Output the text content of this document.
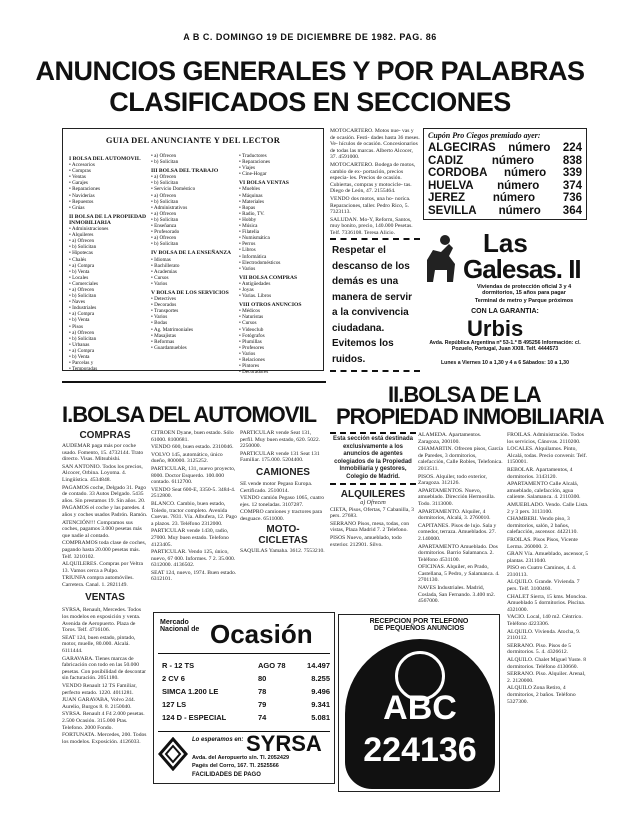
A B C. DOMINGO 19 DE DICIEMBRE DE 1982. PAG. 86
ANUNCIOS GENERALES Y POR PALABRAS
CLASIFICADOS EN SECCIONES
GUIA DEL ANUNCIANTE Y DEL LECTOR
I BOLSA DEL AUTOMOVIL
• Accesorios
• Compras
• Ventas
• Garajes
• Reparaciones
• Naviderías
• Repuestos
• Grúas
II BOLSA DE LA PROPIEDAD INMOBILIARIA
• Administraciones
• Alquileres
• a) Ofrecen
• b) Solicitan
• Hipotecas
• Chalés
• a) Compra
• b) Venta
• Locales
• Comerciales
• a) Ofrecen
• b) Solicitan
• Naves
• Industriales
• a) Compra
• b) Venta
• Pisos
• a) Ofrecen
• b) Solicitan
• Urbanas
• a) Compra
• b) Venta
• Parcelas y
• Temporadas
• a) Ofrecen
• b) Solicitan
III BOLSA DEL TRABAJO
• a) Ofrecen
• b) Solicitan
• Servicio Doméstico
• a) Ofrecen
• b) Solicitan
• Administrativos
• a) Ofrecen
• b) Solicitan
• Enseñanza
• Profesorado
• a) Ofrecen
• b) Solicitan
IV BOLSA DE LA ENSEÑANZA
• Idiomas
• Bachillerato
• Academias
• Cursos
• Varios
V BOLSA DE LOS SERVICIOS
• Detectives
• Decorados
• Transportes
• Varios
• Bodas
• Ag. Matrimoniales
• Masajistas
• Reformas
• Guardamuebles
• Traductores
• Reparaciones
• Viajes
• Cine-Hogar
VI BOLSA VENTAS
• Muebles
• Máquinas
• Materiales
• Ropas
• Radio, TV.
• Hobby
• Música
• Filatelia
• Numismática
• Perros
• Libros
• Informática
• Electrodomésticos
• Varios
VII BOLSA COMPRAS
• Antigüedades
• Joyas
• Varias. Libros
VIII OTROS ANUNCIOS
• Médicos
• Naturistas
• Cursos
• Videoclub
• Fotógrafos
• Plumillas
• Profesores
• Varios
• Relaciones
• Pintores
• Decoradores

MOTOCARTERO. Motos nue- vas y de ocasión. Festi- dades hasta 36 meses. Ve- hículos de ocasión. Concesionarios de todas las marcas. Alberto Alcocer, 37. 4591000.

MOTOCARTERO. Bodega de motos, cambio de ex- portación, precios especia- les. Precios de ocasión. Cubiertas, compras y motocicle- tas. Diego de León, 47. 2155464.

VENDO dos motos, una ho- noríca. Reparaciones, taller. Pedro Rico, 5. 7323113.

SALUDAN. Mo-Y, Reform, Santos, muy bonito, precio, 140.000 Pesetas. Telf. 7336108. Teresa Alicio.

Respetar el descanso de los demás es una manera de servir a la convivencia ciudadana. Evitemos los ruidos.
Cupón Pro Ciegos premiado ayer:
ALGECIRAS número 224
CADIZ	número	838
CORDOBA número 339
HUELVA número 374
JEREZ número 736
SEVILLA número 364
Las
Galesas. II
Viviendas de protección oficial 3 y 4 dormitorios, 15 años para pagar
Terminal de metro y Parque próximos
CON LA GARANTIA:
Urbis
Avda. República Argentina nº 53-1.º B 495256 Información: c/. Pozuelo, Portugal, Juan XXIII. Telf. 4444573
Lunes a Viernes 10 a 1,30 y 4 a 6 Sábados: 10 a 1,30
I.BOLSA DEL AUTOMOVIL
II.BOLSA DE LA
PROPIEDAD INMOBILIARIA
COMPRAS

AUDEMAR paga más por coche usado. Fomento, 15. 4732144. Trato directo. Visas. Mitsubishi.

SAN ANTONIO. Todos los precios, Alcocer, Orbina. Loyoma. 4. Lingüística. 4534848.

PAGAMOS coche, Delgado 31. Pago de contado. 33 Autos Delgado. 5435 años. Sin prestamos 19. Sin años. 20.

PAGAMOS el coche y las paredes. 4 años y coches usados Padrón. Ramón.

ATENCIÓN!!! Compramos sus coches, pagamos 3.000 pesetas más que nadie al contado.

COMPRAMOS toda clase de coches, pagando hasta 20.000 pesetas más. Telf. 3210102.

ALQUILERES. Compras por Veltra 13. Vamos cerca a Pulpo.

TRIUNFA compra automóviles. Carretera. Canal. 1. 2821149.

VENTAS

SYRSA, Renault, Mercedes. Todos los modelos en exposición y venta. Avenida de Aeropuerto. Plaza de Toros. Telf. 4716106.

SEAT 124, buen estado, pintado, motor, muelle, 80.000. Alcalá. 6111444.

GARAVABA. Tienes marcas de fabricación con todo en las 50.000 pesetas. Con posibilidad de descontar sin facturación. 2051180.

VENDO Renault 12 TS Familiar, perfecto estado. 1220. 4011281.

JUAN GARAVABA, Volvo 244. Aurelio, Burgos 8. 8. 2150040.

SYRSA. Renault 4 F4 2.000 pesetas. 2.500 Ocasión. 315.000 Ptas. Telefono. 2000 Fondo.

FORTUNATA. Mercedes, 200. Todos los modelos. Exposición. 4126033.

CITROËN Dyane, buen estado. Sólo 61000. 8100681.

VENDO 600, buen estado. 2310046.

VOLVO 145, automático, único dueño, 800000. 3125252.

PARTICULAR, 131, nuevo proyecto, 8000. Doctor Esquerdo. 100.000 contado. 6112700.

VENDO Seat 600-E, 3350-5. 3484-4. 2512800.

BLANCO. Cambio, buen estado, Toledo, tractor completo. Avenida Cuevas. 7831. Vía. Albufera, 12. Pago a plazos. 23. Teléfono 2312000.

PARTICULAR vende 1430, radio, 27000. Muy buen estado. Telefono 4123405.

PARTICULAR. Vendo 125, único, nuevo, 67 000. Informes. 7 2. 35.000. 6312000. 4136502.

SEAT 124, nuevo, 1974. Buen estado. 6312101.

PARTICULAR vende Seat 131, perfil. Muy buen estado, 620. 5022. 2250000.

PARTICULAR vende 131 Seat 131 Familiar. 175.000. 5204400.

CAMIONES

SE vende motor Pegaso Europa. Certificado. 2510014.

VENDO camión Pegaso 1065, cuatro ejes. 12 toneladas. 3107287.

COMPRO camiones y tractores para desguace. 6511000.

MOTO-
CICLETAS

SAQUILAS Yamaha. 3612. 7553210.

Mercado
Nacional de Ocasión
R - 12 TS	AGO 78	14.497
2 CV 6	80	8.255
SIMCA 1.200 LE	78	9.496
127 LS	79	9.341
124 D - ESPECIAL	74	5.081
Lo esperamos en: SYRSA
Avda. del Aeropuerto s/n. Tl. 2052429
Pagés del Corro, 167. Tl. 2525566
FACILIDADES DE PAGO
Esta sección está destinada exclusivamente a los anuncios de agentes colegiados de la Propiedad Inmobiliaria y gestores, Colegio de Madrid.
ALQUILERES
a) Ofrecen

CIETA, Pisos, Ofertas, 7 Cabanilla, 3 pers. 27683.

SERRANO Pisos, mesa, todas, con vistas, Plaza Madrid 7. 2 Telefono.

PISOS Nuevo, amueblado, todo exterior. 212901. Silvo.

ALAMEDA. Apartamentos. Zaragoza, 200100.

CHAMARTIN. Ofrecen pisos, García de Paredes, 3 dormitorios, calefacción, Calle Robles, Telefonica. 2013511.

PISOS. Alquiler, todo exterior, Zaragoza. 312126.

APARTAMENTOS. Nuevo, amueblado. Dirección Hermosilla. Todo. 3113000.

APARTAMENTO. Alquiler, 4 dormitorios, Alcalá, 3. 2760010.

CAPITANES. Pisos de lujo. Sala y comedor, terraza. Amueblados. 27. 2.140000.

APARTAMENTO Amueblado. Dos dormitorios. Barrio Salamanca. 2. Teléfono 4531100.

OFICINAS. Alquiler, en Prado, Castellana, 5 Pedro, y Salamanca. 4. 2701130.

NAVES Industriales. Madrid, Coslada, San Fernando. 3.400 m2. 4567000.

RECEPCION POR TELEFONO
DE PEQUEÑOS ANUNCIOS
ABC
224136

FROILAS. Administración. Todos los servicios, Cánovas. 2110200.

LOCALES. Alquilamos. Pinto, Alcalá, todas. Precio convenir. Telf. 1150001.

REBOLAR. Apartamentos, 4 dormitorios. 3143120.

APARTAMENTO Calle Alcalá, amueblado, calefacción, agua caliente. Salamanca. 4. 2110300.

AMUEBLADO. Vendo. Calle Lista. 2 y 3 pers. 3113100.

CHAMBERI. Vendo piso, 3 dormitorios, salón, 2 baños, calefacción, ascensor. 4422110.

FROILAS. Pisos Pisos, Vicente Lerma. 260000. 2.

GRAN Vía. Amueblado, ascensor, 5 plantas. 2311040.

PISO en Cuatro Caminos, 4. 4. 2310113.

ALQUILO. Grande. Vivienda. 7 pers. Telf. 3100460.

CHALET Sierra, 15 kms. Moncloa. Amueblado 5 dormitorios. Piscina. 4321000.

VACIO. Local, 140 m2. Céntrico. Teléfono 4223306.

ALQUILO. Vivienda. Atocha, 9. 2110112.

SERRANO. Piso. Pisos de 5 dormitorios. 5. 4. 4326612.

ALQUILO. Chalet Miguel Yuste. 8 dormitorios. Teléfono 4130660.

SERRANO. Piso. Alquiler. Arenal, 2. 2120000.

ALQUILO Zona Retiro, 4 dormitorios, 2 baños. Teléfono 5327300.
